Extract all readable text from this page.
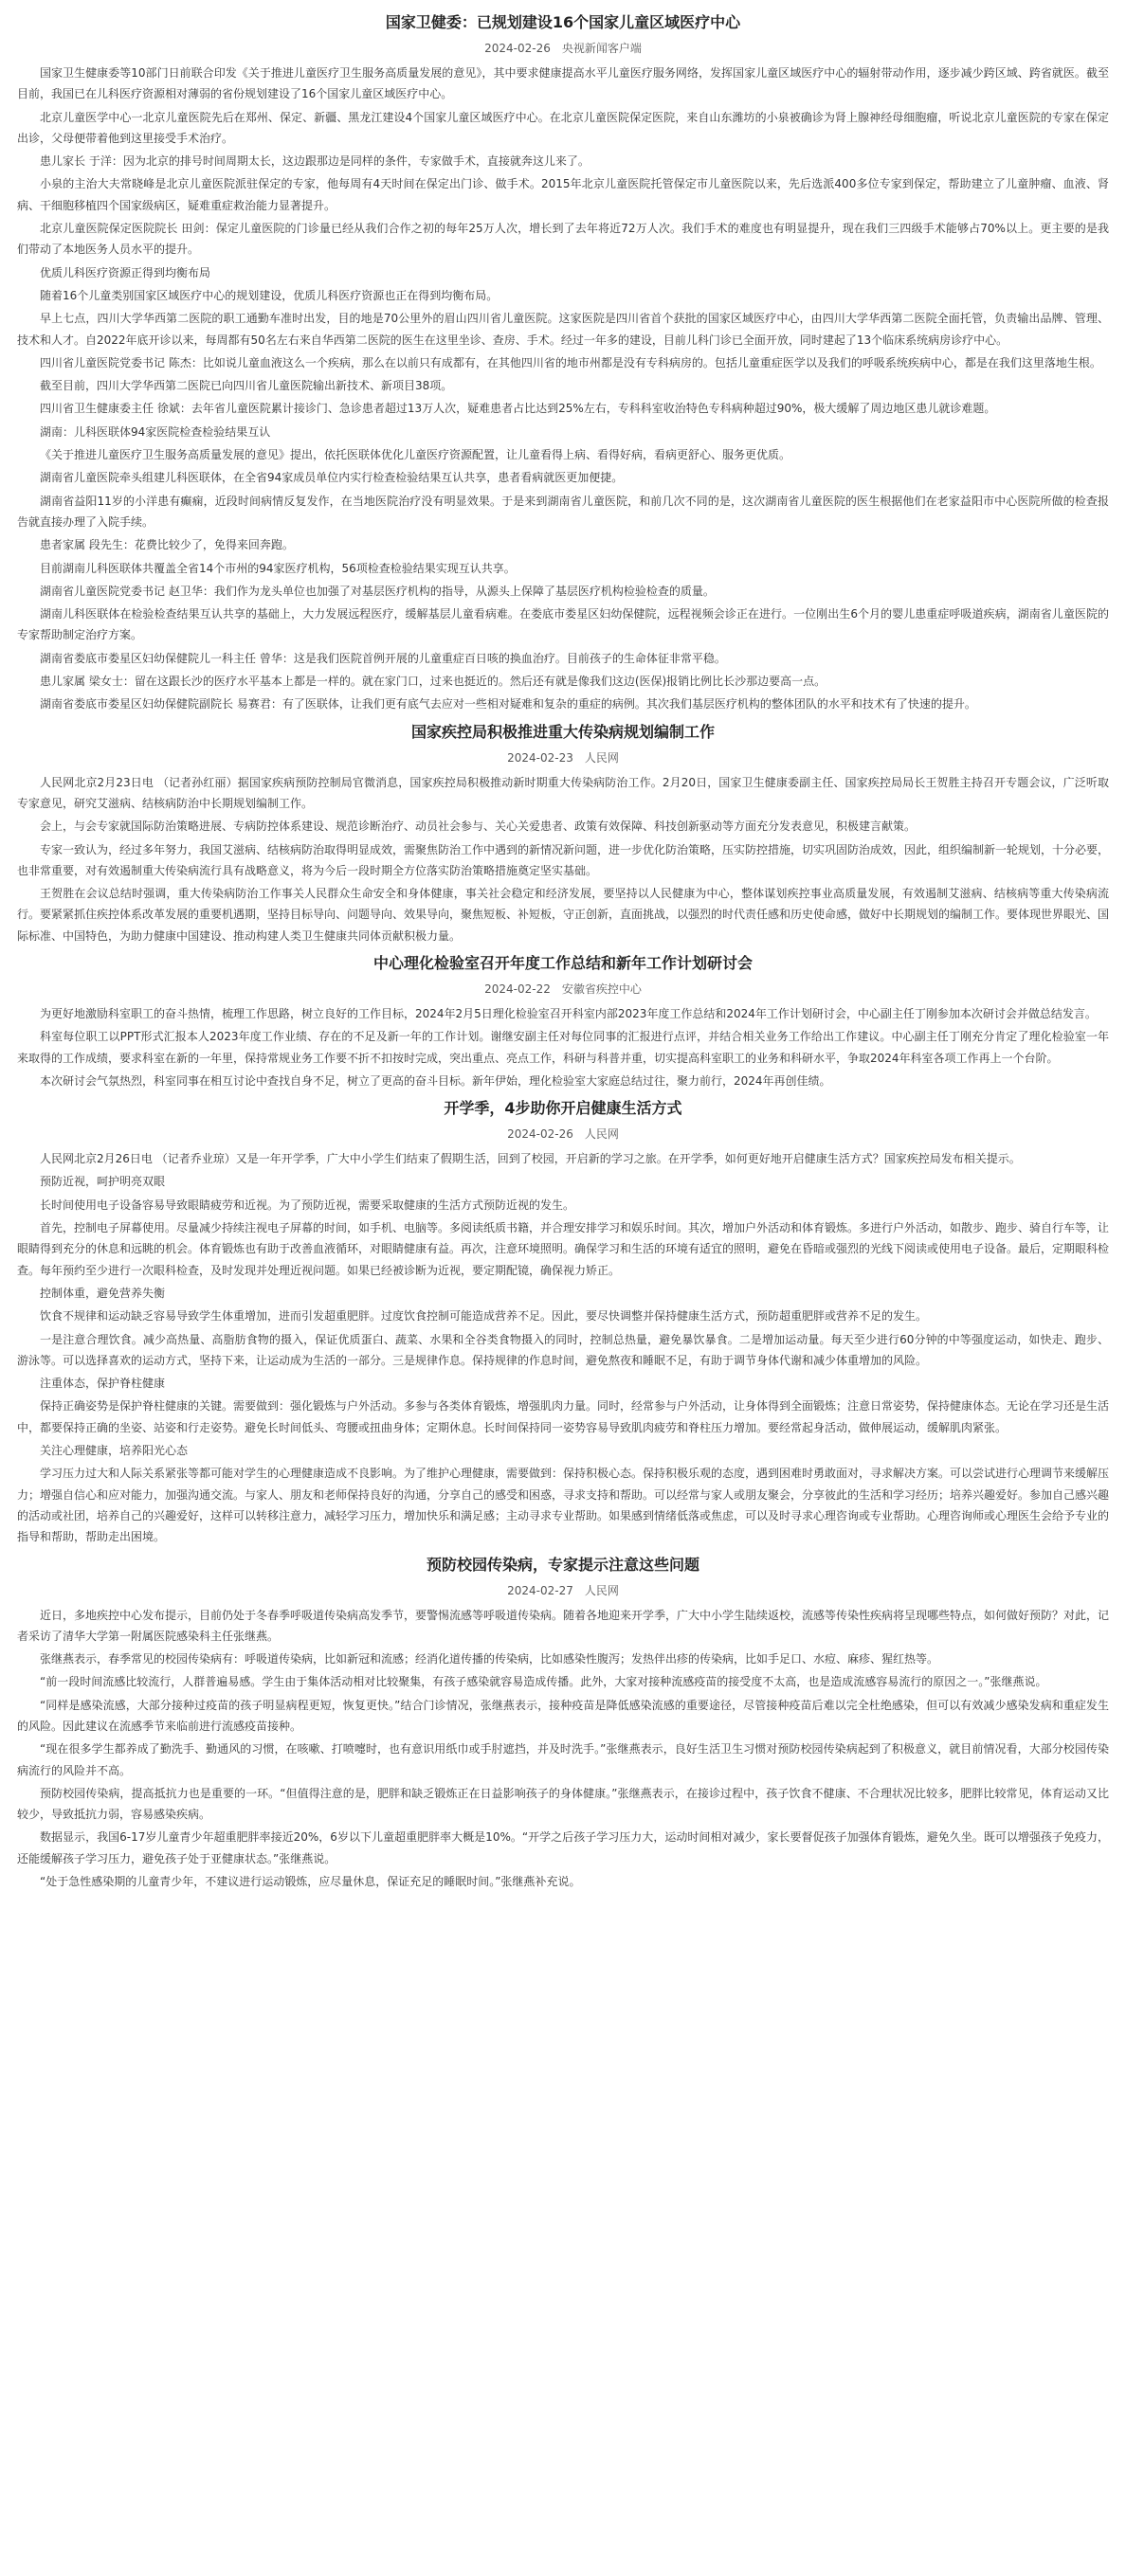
国家卫健委：已规划建设16个国家儿童区域医疗中心
2024-02-26 央视新闻客户端

国家卫生健康委等10部门日前联合印发《关于推进儿童医疗卫生服务高质量发展的意见》，其中要求健康提高水平儿童医疗服务网络，发挥国家儿童区域医疗中心的辐射带动作用，逐步减少跨区域、跨省就医。截至目前，我国已在儿科医疗资源相对薄弱的省份规划建设了16个国家儿童区域医疗中心。

北京儿童医学中心一北京儿童医院先后在郑州、保定、新疆、黑龙江建设4个国家儿童区域医疗中心。在北京儿童医院保定医院，来自山东潍坊的小泉被确诊为肾上腺神经母细胞瘤，听说北京儿童医院的专家在保定出诊，父母便带着他到这里接受手术治疗。

患儿家长 于洋：因为北京的排号时间周期太长，这边跟那边是同样的条件，专家做手术，直接就奔这儿来了。

小泉的主治大夫常晓峰是北京儿童医院派驻保定的专家，他每周有4天时间在保定出门诊、做手术。2015年北京儿童医院托管保定市儿童医院以来，先后选派400多位专家到保定，帮助建立了儿童肿瘤、血液、肾病、干细胞移植四个国家级病区，疑难重症救治能力显著提升。

北京儿童医院保定医院院长 田剑：保定儿童医院的门诊量已经从我们合作之初的每年25万人次，增长到了去年将近72万人次。我们手术的难度也有明显提升，现在我们三四级手术能够占70%以上。更主要的是我们带动了本地医务人员水平的提升。

优质儿科医疗资源正得到均衡布局

随着16个儿童类别国家区域医疗中心的规划建设，优质儿科医疗资源也正在得到均衡布局。

早上七点，四川大学华西第二医院的职工通勤车准时出发，目的地是70公里外的眉山四川省儿童医院。这家医院是四川省首个获批的国家区域医疗中心，由四川大学华西第二医院全面托管，负责输出品牌、管理、技术和人才。自2022年底开诊以来，每周都有50名左右来自华西第二医院的医生在这里坐诊、查房、手术。经过一年多的建设，目前儿科门诊已全面开放，同时建起了13个临床系统病房诊疗中心。

四川省儿童医院党委书记 陈杰：比如说儿童血液这么一个疾病，那么在以前只有成都有，在其他四川省的地市州都是没有专科病房的。包括儿童重症医学以及我们的呼吸系统疾病中心，都是在我们这里落地生根。

截至目前，四川大学华西第二医院已向四川省儿童医院输出新技术、新项目38项。

四川省卫生健康委主任 徐斌：去年省儿童医院累计接诊门、急诊患者超过13万人次，疑难患者占比达到25%左右，专科科室收治特色专科病种超过90%，极大缓解了周边地区患儿就诊难题。

湖南：儿科医联体94家医院检查检验结果互认

《关于推进儿童医疗卫生服务高质量发展的意见》提出，依托医联体优化儿童医疗资源配置，让儿童看得上病、看得好病，看病更舒心、服务更优质。

湖南省儿童医院牵头组建儿科医联体，在全省94家成员单位内实行检查检验结果互认共享，患者看病就医更加便捷。

湖南省益阳11岁的小洋患有癫痫，近段时间病情反复发作，在当地医院治疗没有明显效果。于是来到湖南省儿童医院，和前几次不同的是，这次湖南省儿童医院的医生根据他们在老家益阳市中心医院所做的检查报告就直接办理了入院手续。

患者家属 段先生：花费比较少了，免得来回奔跑。

目前湖南儿科医联体共覆盖全省14个市州的94家医疗机构，56项检查检验结果实现互认共享。

湖南省儿童医院党委书记 赵卫华：我们作为龙头单位也加强了对基层医疗机构的指导，从源头上保障了基层医疗机构检验检查的质量。

湖南儿科医联体在检验检查结果互认共享的基础上，大力发展远程医疗，缓解基层儿童看病难。在娄底市娄星区妇幼保健院，远程视频会诊正在进行。一位刚出生6个月的婴儿患重症呼吸道疾病，湖南省儿童医院的专家帮助制定治疗方案。

湖南省娄底市娄星区妇幼保健院儿一科主任 曾华：这是我们医院首例开展的儿童重症百日咳的换血治疗。目前孩子的生命体征非常平稳。

患儿家属 梁女士：留在这跟长沙的医疗水平基本上都是一样的。就在家门口，过来也挺近的。然后还有就是像我们这边(医保)报销比例比长沙那边要高一点。

湖南省娄底市娄星区妇幼保健院副院长 易赛君：有了医联体，让我们更有底气去应对一些相对疑难和复杂的重症的病例。其次我们基层医疗机构的整体团队的水平和技术有了快速的提升。

国家疾控局积极推进重大传染病规划编制工作
2024-02-23 人民网

人民网北京2月23日电 （记者孙红丽）据国家疾病预防控制局官微消息，国家疾控局积极推动新时期重大传染病防治工作。2月20日，国家卫生健康委副主任、国家疾控局局长王贺胜主持召开专题会议，广泛听取专家意见，研究艾滋病、结核病防治中长期规划编制工作。

会上，与会专家就国际防治策略进展、专病防控体系建设、规范诊断治疗、动员社会参与、关心关爱患者、政策有效保障、科技创新驱动等方面充分发表意见，积极建言献策。

专家一致认为，经过多年努力，我国艾滋病、结核病防治取得明显成效，需聚焦防治工作中遇到的新情况新问题，进一步优化防治策略，压实防控措施，切实巩固防治成效，因此，组织编制新一轮规划，十分必要，也非常重要，对有效遏制重大传染病流行具有战略意义，将为今后一段时期全方位落实防治策略措施奠定坚实基础。

王贺胜在会议总结时强调，重大传染病防治工作事关人民群众生命安全和身体健康，事关社会稳定和经济发展，要坚持以人民健康为中心，整体谋划疾控事业高质量发展，有效遏制艾滋病、结核病等重大传染病流行。要紧紧抓住疾控体系改革发展的重要机遇期，坚持目标导向、问题导向、效果导向，聚焦短板、补短板，守正创新，直面挑战，以强烈的时代责任感和历史使命感，做好中长期规划的编制工作。要体现世界眼光、国际标准、中国特色，为助力健康中国建设、推动构建人类卫生健康共同体贡献积极力量。

中心理化检验室召开年度工作总结和新年工作计划研讨会
2024-02-22 安徽省疾控中心

为更好地激励科室职工的奋斗热情，梳理工作思路，树立良好的工作目标，2024年2月5日理化检验室召开科室内部2023年度工作总结和2024年工作计划研讨会，中心副主任丁刚参加本次研讨会并做总结发言。

科室每位职工以PPT形式汇报本人2023年度工作业绩、存在的不足及新一年的工作计划。谢继安副主任对每位同事的汇报进行点评，并结合相关业务工作给出工作建议。中心副主任丁刚充分肯定了理化检验室一年来取得的工作成绩，要求科室在新的一年里，保持常规业务工作要不折不扣按时完成，突出重点、亮点工作，科研与科普并重，切实提高科室职工的业务和科研水平，争取2024年科室各项工作再上一个台阶。

本次研讨会气氛热烈，科室同事在相互讨论中查找自身不足，树立了更高的奋斗目标。新年伊始，理化检验室大家庭总结过往，聚力前行，2024年再创佳绩。

开学季，4步助你开启健康生活方式
2024-02-26 人民网

人民网北京2月26日电 （记者乔业琼）又是一年开学季，广大中小学生们结束了假期生活，回到了校园，开启新的学习之旅。在开学季，如何更好地开启健康生活方式？国家疾控局发布相关提示。

预防近视，呵护明亮双眼

长时间使用电子设备容易导致眼睛疲劳和近视。为了预防近视，需要采取健康的生活方式预防近视的发生。

首先，控制电子屏幕使用。尽量减少持续注视电子屏幕的时间，如手机、电脑等。多阅读纸质书籍，并合理安排学习和娱乐时间。其次，增加户外活动和体育锻炼。多进行户外活动，如散步、跑步、骑自行车等，让眼睛得到充分的休息和远眺的机会。体育锻炼也有助于改善血液循环，对眼睛健康有益。再次，注意环境照明。确保学习和生活的环境有适宜的照明，避免在昏暗或强烈的光线下阅读或使用电子设备。最后，定期眼科检查。每年预约至少进行一次眼科检查，及时发现并处理近视问题。如果已经被诊断为近视，要定期配镜，确保视力矫正。

控制体重，避免营养失衡

饮食不规律和运动缺乏容易导致学生体重增加，进而引发超重肥胖。过度饮食控制可能造成营养不足。因此，要尽快调整并保持健康生活方式，预防超重肥胖或营养不足的发生。

一是注意合理饮食。减少高热量、高脂肪食物的摄入，保证优质蛋白、蔬菜、水果和全谷类食物摄入的同时，控制总热量，避免暴饮暴食。二是增加运动量。每天至少进行60分钟的中等强度运动，如快走、跑步、游泳等。可以选择喜欢的运动方式，坚持下来，让运动成为生活的一部分。三是规律作息。保持规律的作息时间，避免熬夜和睡眠不足，有助于调节身体代谢和减少体重增加的风险。

注重体态，保护脊柱健康

保持正确姿势是保护脊柱健康的关键。需要做到：强化锻炼与户外活动。多参与各类体育锻炼，增强肌肉力量。同时，经常参与户外活动，让身体得到全面锻炼；注意日常姿势，保持健康体态。无论在学习还是生活中，都要保持正确的坐姿、站姿和行走姿势。避免长时间低头、弯腰或扭曲身体；定期休息。长时间保持同一姿势容易导致肌肉疲劳和脊柱压力增加。要经常起身活动，做伸展运动，缓解肌肉紧张。

关注心理健康，培养阳光心态

学习压力过大和人际关系紧张等都可能对学生的心理健康造成不良影响。为了维护心理健康，需要做到：保持积极心态。保持积极乐观的态度，遇到困难时勇敢面对，寻求解决方案。可以尝试进行心理调节来缓解压力；增强自信心和应对能力，加强沟通交流。与家人、朋友和老师保持良好的沟通，分享自己的感受和困惑，寻求支持和帮助。可以经常与家人或朋友聚会，分享彼此的生活和学习经历；培养兴趣爱好。参加自己感兴趣的活动或社团，培养自己的兴趣爱好，这样可以转移注意力，减轻学习压力，增加快乐和满足感；主动寻求专业帮助。如果感到情绪低落或焦虑，可以及时寻求心理咨询或专业帮助。心理咨询师或心理医生会给予专业的指导和帮助，帮助走出困境。

预防校园传染病，专家提示注意这些问题
2024-02-27 人民网

近日，多地疾控中心发布提示，目前仍处于冬春季呼吸道传染病高发季节，要警惕流感等呼吸道传染病。随着各地迎来开学季，广大中小学生陆续返校，流感等传染性疾病将呈现哪些特点，如何做好预防？对此，记者采访了清华大学第一附属医院感染科主任张继燕。

张继燕表示，春季常见的校园传染病有：呼吸道传染病，比如新冠和流感；经消化道传播的传染病，比如感染性腹泻；发热伴出疹的传染病，比如手足口、水痘、麻疹、猩红热等。

“前一段时间流感比较流行，人群普遍易感。学生由于集体活动相对比较聚集，有孩子感染就容易造成传播。此外，大家对接种流感疫苗的接受度不太高，也是造成流感容易流行的原因之一。”张继燕说。

“同样是感染流感，大部分接种过疫苗的孩子明显病程更短，恢复更快。”结合门诊情况，张继燕表示，接种疫苗是降低感染流感的重要途径，尽管接种疫苗后难以完全杜绝感染，但可以有效减少感染发病和重症发生的风险。因此建议在流感季节来临前进行流感疫苗接种。

“现在很多学生都养成了勤洗手、勤通风的习惯，在咳嗽、打喷嚏时，也有意识用纸巾或手肘遮挡，并及时洗手。”张继燕表示，良好生活卫生习惯对预防校园传染病起到了积极意义，就目前情况看，大部分校园传染病流行的风险并不高。

预防校园传染病，提高抵抗力也是重要的一环。“但值得注意的是，肥胖和缺乏锻炼正在日益影响孩子的身体健康。”张继燕表示，在接诊过程中，孩子饮食不健康、不合理状况比较多，肥胖比较常见，体育运动又比较少，导致抵抗力弱，容易感染疾病。

数据显示，我国6-17岁儿童青少年超重肥胖率接近20%，6岁以下儿童超重肥胖率大概是10%。“开学之后孩子学习压力大，运动时间相对减少，家长要督促孩子加强体育锻炼，避免久坐。既可以增强孩子免疫力，还能缓解孩子学习压力，避免孩子处于亚健康状态。”张继燕说。

“处于急性感染期的儿童青少年，不建议进行运动锻炼，应尽量休息，保证充足的睡眠时间。”张继燕补充说。
